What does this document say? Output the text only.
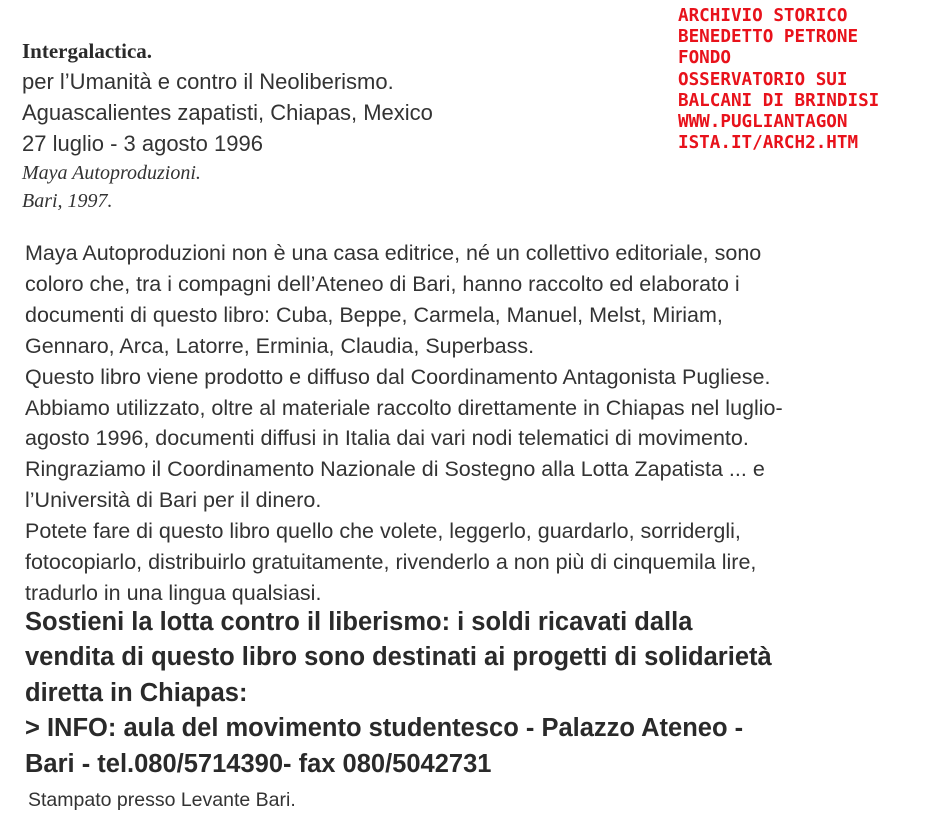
ARCHIVIO STORICO
BENEDETTO PETRONE
FONDO
OSSERVATORIO SUI
BALCANI DI BRINDISI
WWW.PUGLIANTAGON
ISTA.IT/ARCH2.HTM
Intergalactica.
per l’Umanità e contro il Neoliberismo.
Aguascalientes zapatisti, Chiapas, Mexico
27 luglio - 3 agosto 1996
Maya Autoproduzioni.
Bari, 1997.
Maya Autoproduzioni non è una casa editrice, né un collettivo editoriale, sono
coloro che, tra i compagni dell’Ateneo di Bari, hanno raccolto ed elaborato i
documenti di questo libro: Cuba, Beppe, Carmela, Manuel, Melst, Miriam,
Gennaro, Arca, Latorre, Erminia, Claudia, Superbass.
Questo libro viene prodotto e diffuso dal Coordinamento Antagonista Pugliese.
Abbiamo utilizzato, oltre al materiale raccolto direttamente in Chiapas nel luglio-
agosto 1996, documenti diffusi in Italia dai vari nodi telematici di movimento.
Ringraziamo il Coordinamento Nazionale di Sostegno alla Lotta Zapatista ... e
l’Università di Bari per il dinero.
Potete fare di questo libro quello che volete, leggerlo, guardarlo, sorridergli,
fotocopiarlo, distribuirlo gratuitamente, rivenderlo a non più di cinquemila lire,
tradurlo in una lingua qualsiasi.
Sostieni la lotta contro il liberismo: i soldi ricavati dalla
vendita di questo libro sono destinati ai progetti di solidarietà
diretta in Chiapas:
> INFO: aula del movimento studentesco - Palazzo Ateneo -
Bari - tel.080/5714390- fax 080/5042731
Stampato presso Levante Bari.
